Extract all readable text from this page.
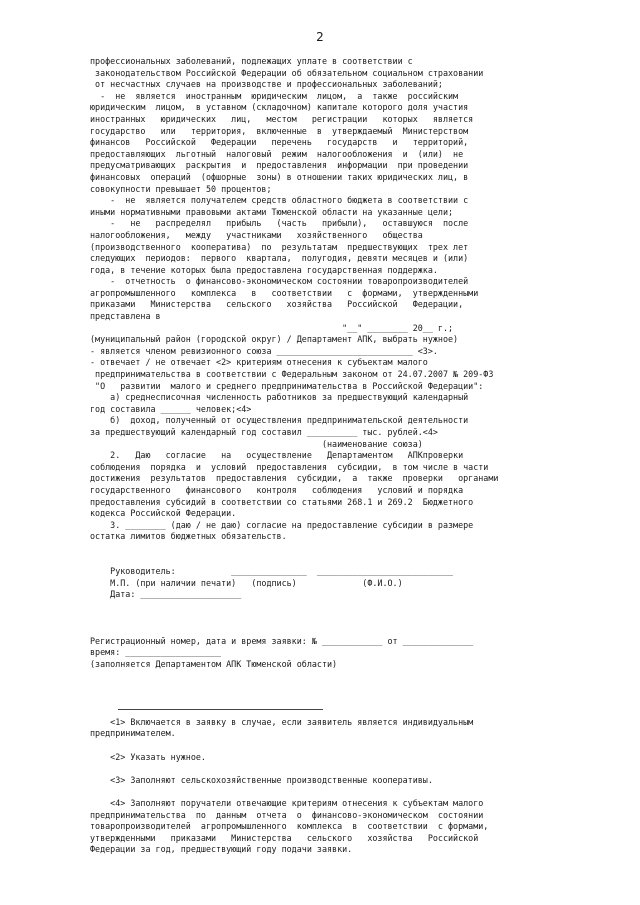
2
профессиональных заболеваний, подлежащих уплате в соответствии с
законодательством Российской Федерации об обязательном социальном страховании
от несчастных случаев на производстве и профессиональных заболеваний;
-  не  является  иностранным  юридическим  лицом,  а  также  российским
юридическим  лицом,  в уставном (складочном) капитале которого доля участия
иностранных   юридических   лиц,   местом   регистрации   которых   является
государство   или   территория,  включенные  в  утверждаемый  Министерством
финансов   Российской   Федерации   перечень   государств   и   территорий,
предоставляющих  льготный  налоговый  режим  налогообложения  и  (или)  не
предусматривающих  раскрытия  и  предоставления  информации  при проведении
финансовых  операций  (офшорные  зоны) в отношении таких юридических лиц, в
совокупности превышает 50 процентов;
-  не  является получателем средств областного бюджета в соответствии с
иными нормативными правовыми актами Тюменской области на указанные цели;
-   не   распределял   прибыль   (часть   прибыли),   оставшуюся  после
налогообложения,   между   участниками   хозяйственного   общества
(производственного  кооператива)  по  результатам  предшествующих  трех лет
следующих  периодов:  первого  квартала,  полугодия, девяти месяцев и (или)
года, в течение которых была предоставлена государственная поддержка.
-  отчетность  о финансово-экономическом состоянии товаропроизводителей
агропромышленного   комплекса   в   соответствии   с  формами,  утвержденными
приказами   Министерства   сельского   хозяйства   Российской   Федерации,
представлена в
"__" ________ 20__ г.;
(муниципальный район (городской округ) / Департамент АПК, выбрать нужное)
- является членом ревизионного союза ___________________________ <3>.
- отвечает / не отвечает <2> критериям отнесения к субъектам малого
предпринимательства в соответствии с Федеральным законом от 24.07.2007 № 209-ФЗ
"О   развитии  малого и среднего предпринимательства в Российской Федерации":
а) среднесписочная численность работников за предшествующий календарный
год составила ______ человек;<4>
б)  доход, полученный от осуществления предпринимательской деятельности
за предшествующий календарный год составил __________ тыс. рублей.<4>
(наименование союза)
2.   Даю   согласие   на   осуществление   Департаментом   АПКпроверки
соблюдения  порядка  и  условий  предоставления  субсидии,  в том числе в части
достижения  результатов  предоставления  субсидии,  а  также  проверки   органами
государственного   финансового   контроля   соблюдения   условий и порядка
предоставления субсидий в соответствии со статьями 268.1 и 269.2  Бюджетного
кодекса Российской Федерации.
3. ________ (даю / не даю) согласие на предоставление субсидии в размере
остатка лимитов бюджетных обязательств.
Руководитель:           _______________  ___________________________
М.П. (при наличии печати)   (подпись)             (Ф.И.О.)
Дата: ____________________
Регистрационный номер, дата и время заявки: № ____________ от ______________
время: ___________________
(заполняется Департаментом АПК Тюменской области)
<1> Включается в заявку в случае, если заявитель является индивидуальным
предпринимателем.
<2> Указать нужное.
<3> Заполняют сельскохозяйственные производственные кооперативы.
<4> Заполняют поручатели отвечающие критериям отнесения к субъектам малого
предпринимательства  по  данным  отчета  о  финансово-экономическом  состоянии
товаропроизводителей  агропромышленного  комплекса  в  соответствии  с формами,
утвержденными   приказами   Министерства   сельского   хозяйства   Российской
Федерации за год, предшествующий году подачи заявки.
